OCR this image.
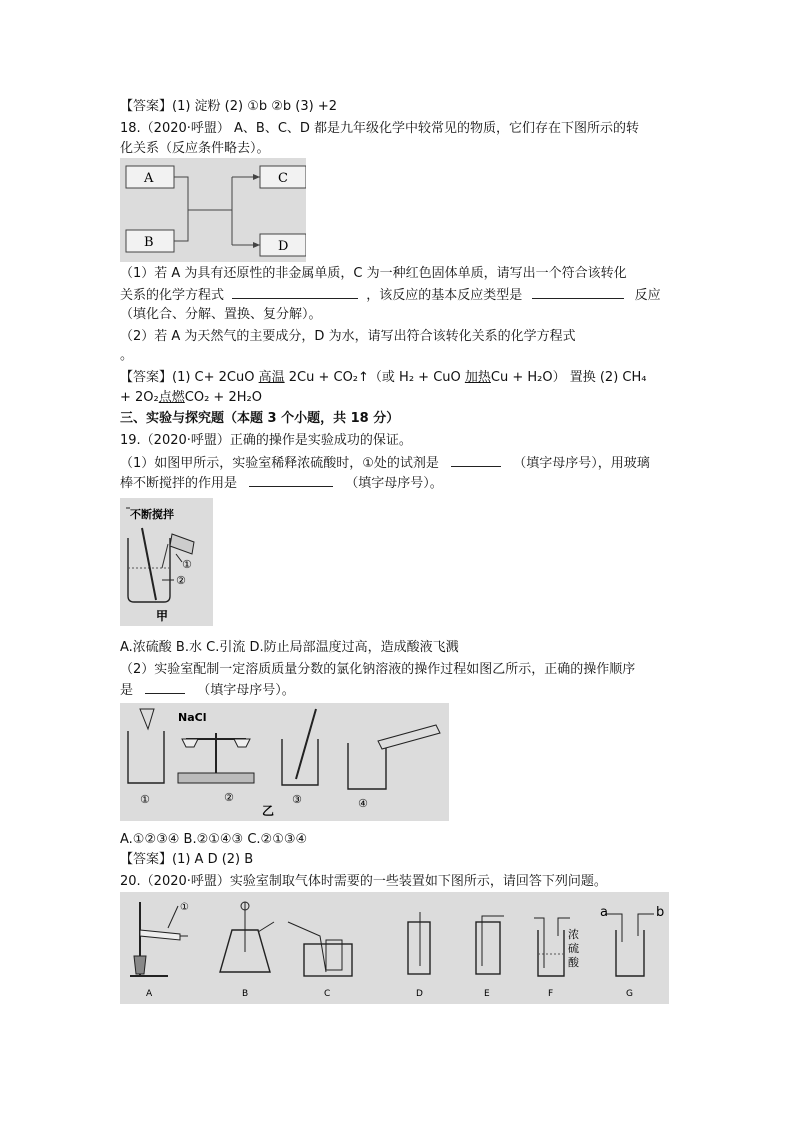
【答案】(1) 淀粉 (2) ①b ②b (3) +2
18.（2020·呼盟） A、B、C、D 都是九年级化学中较常见的物质，它们存在下图所示的转
化关系（反应条件略去）。
A
B
C
D
（1）若 A 为具有还原性的非金属单质，C 为一种红色固体单质，请写出一个符合该转化
关系的化学方程式	，该反应的基本反应类型是	反应
（填化合、分解、置换、复分解）。
（2）若 A 为天然气的主要成分，D 为水，请写出符合该转化关系的化学方程式
。
【答案】(1) C+ 2CuO 高温 2Cu + CO₂↑（或 H₂ + CuO 加热Cu + H₂O） 置换 (2) CH₄
+ 2O₂点燃CO₂ + 2H₂O
三、实验与探究题（本题 3 个小题，共 18 分）
19.（2020·呼盟）正确的操作是实验成功的保证。
（1）如图甲所示，实验室稀释浓硫酸时，①处的试剂是	（填字母序号），用玻璃
棒不断搅拌的作用是	（填字母序号）。
不断搅拌
①
②
甲
A.浓硫酸 B.水 C.引流 D.防止局部温度过高，造成酸液飞溅
（2）实验室配制一定溶质质量分数的氯化钠溶液的操作过程如图乙所示，正确的操作顺序
是	（填字母序号）。
①
NaCl
②	③
乙
④
A.①②③④ B.②①④③ C.②①③④
【答案】(1) A D (2) B
20.（2020·呼盟）实验室制取气体时需要的一些装置如下图所示，请回答下列问题。
①
A	B	C	D	E
浓
硫
酸
F
a	b
G
